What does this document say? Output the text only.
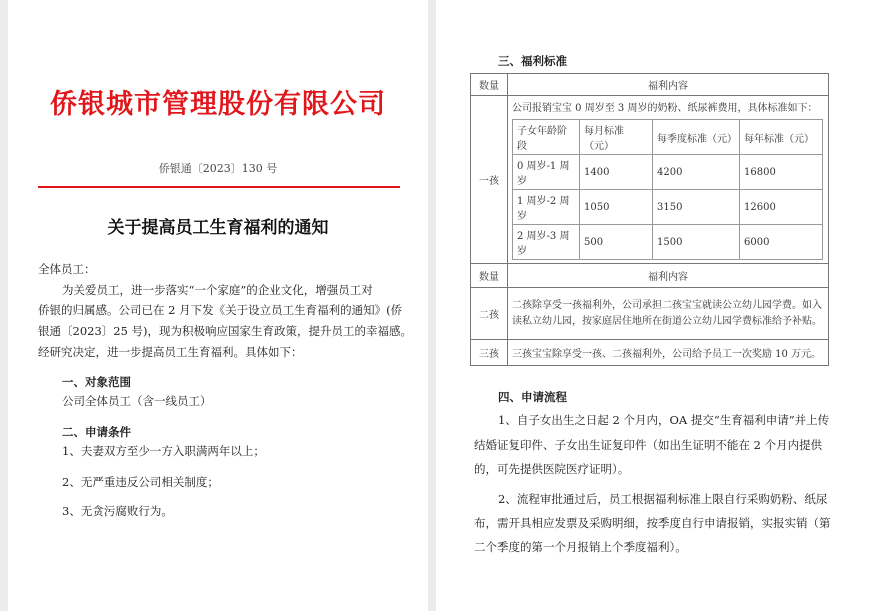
侨银城市管理股份有限公司
侨银通〔2023〕130 号
关于提高员工生育福利的通知
全体员工：
为关爱员工，进一步落实“一个家庭”的企业文化，增强员工对
侨银的归属感。公司已在 2 月下发《关于设立员工生育福利的通知》(侨
银通〔2023〕25 号)，现为积极响应国家生育政策，提升员工的幸福感。
经研究决定，进一步提高员工生育福利。具体如下：
一、对象范围
公司全体员工（含一线员工）
二、申请条件
1、夫妻双方至少一方入职满两年以上；
2、无严重违反公司相关制度；
3、无贪污腐败行为。
三、福利标准
数量	福利内容
一孩	
公司报销宝宝 0 周岁至 3 周岁的奶粉、纸尿裤费用，具体标准如下：
子女年龄阶段	每月标准（元）	每季度标准（元）	每年标准（元）
0 周岁-1 周岁	1400	4200	16800
1 周岁-2 周岁	1050	3150	12600
2 周岁-3 周岁	500	1500	6000

数量	福利内容
二孩	二孩除享受一孩福利外，公司承担二孩宝宝就读公立幼儿园学费。如入读私立幼儿园，按家庭居住地所在街道公立幼儿园学费标准给予补贴。
三孩	三孩宝宝除享受一孩、二孩福利外，公司给予员工一次奖励 10 万元。
四、申请流程
1、自子女出生之日起 2 个月内，OA 提交“生育福利申请”并上传
结婚证复印件、子女出生证复印件（如出生证明不能在 2 个月内提供
的，可先提供医院医疗证明）。
2、流程审批通过后，员工根据福利标准上限自行采购奶粉、纸尿
布，需开具相应发票及采购明细，按季度自行申请报销，实报实销（第
二个季度的第一个月报销上个季度福利）。
